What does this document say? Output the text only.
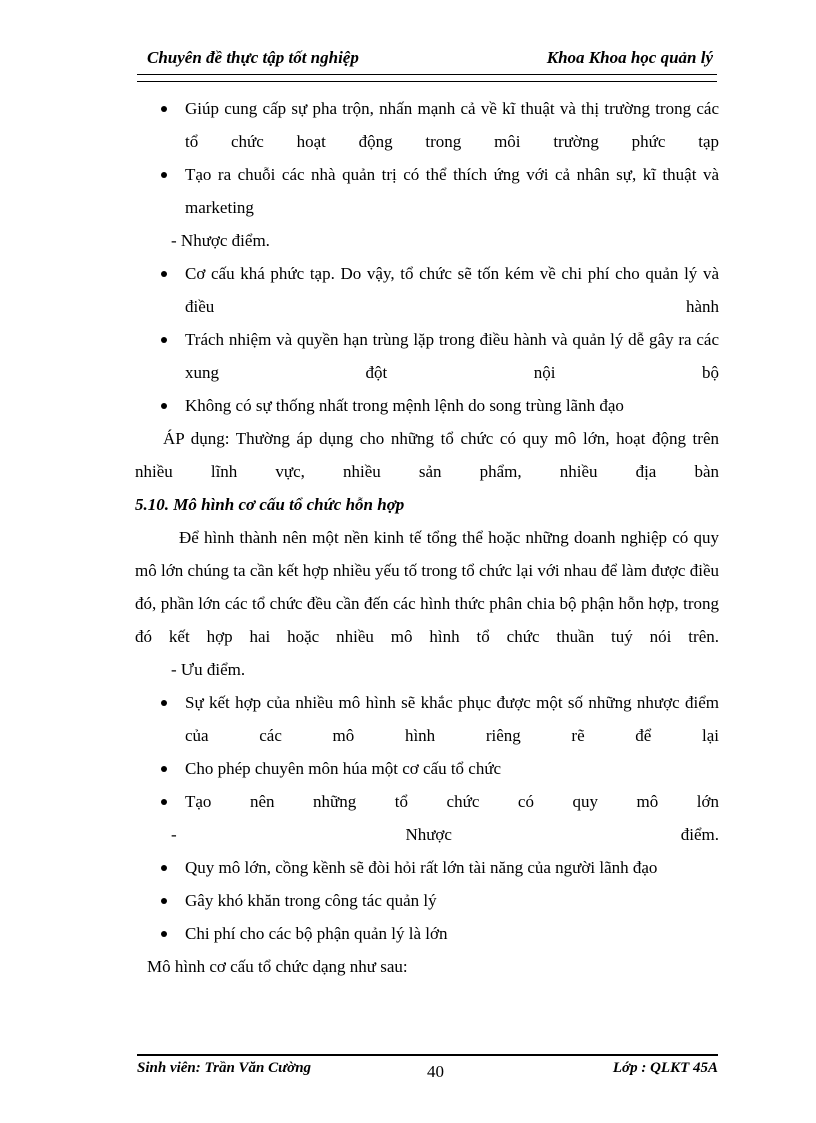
Chuyên đề thực tập tốt nghiệp	Khoa Khoa học quản lý

Giúp cung cấp sự pha trộn, nhấn mạnh cả về kĩ thuật và thị trường trong các tổ chức hoạt động trong môi trường phức tạp

Tạo ra chuỗi các nhà quản trị có thể thích ứng với cả nhân sự, kĩ thuật và marketing

- Nhược điểm.

Cơ cấu khá phức tạp. Do vậy, tổ chức sẽ tốn kém về chi phí cho quản lý và điều hành

Trách nhiệm và quyền hạn trùng lặp trong điều hành và quản lý dễ gây ra các xung đột nội bộ

Không có sự thống nhất trong mệnh lệnh do song trùng lãnh đạo

ÁP dụng: Thường áp dụng cho những tổ chức có quy mô lớn, hoạt động trên nhiều lĩnh vực, nhiều sản phẩm, nhiều địa bàn

5.10. Mô hình cơ cấu tổ chức hỗn hợp

Để hình thành nên một nền kinh tế tổng thể hoặc những doanh nghiệp có quy mô lớn chúng ta cần kết hợp nhiều yếu tố trong tổ chức lại với nhau để làm được điều đó, phần lớn các tổ chức đều cần đến các hình thức phân chia bộ phận hỗn hợp, trong đó kết hợp hai hoặc nhiều mô hình tổ chức thuần tuý nói trên.

- Ưu điểm.

Sự kết hợp của nhiều mô hình sẽ khắc phục được một số những nhược điểm của các mô hình riêng rẽ để lại

Cho phép chuyên môn húa một cơ cấu tổ chức

Tạo nên những tổ chức có quy mô lớn

- Nhược điểm.

Quy mô lớn, cồng kềnh sẽ đòi hỏi rất lớn tài năng của người lãnh đạo

Gây khó khăn trong công tác quản lý

Chi phí cho các bộ phận quản lý là lớn

Mô hình cơ cấu tổ chức dạng như sau:

Sinh viên: Trần Văn Cường	40	Lớp : QLKT 45A
